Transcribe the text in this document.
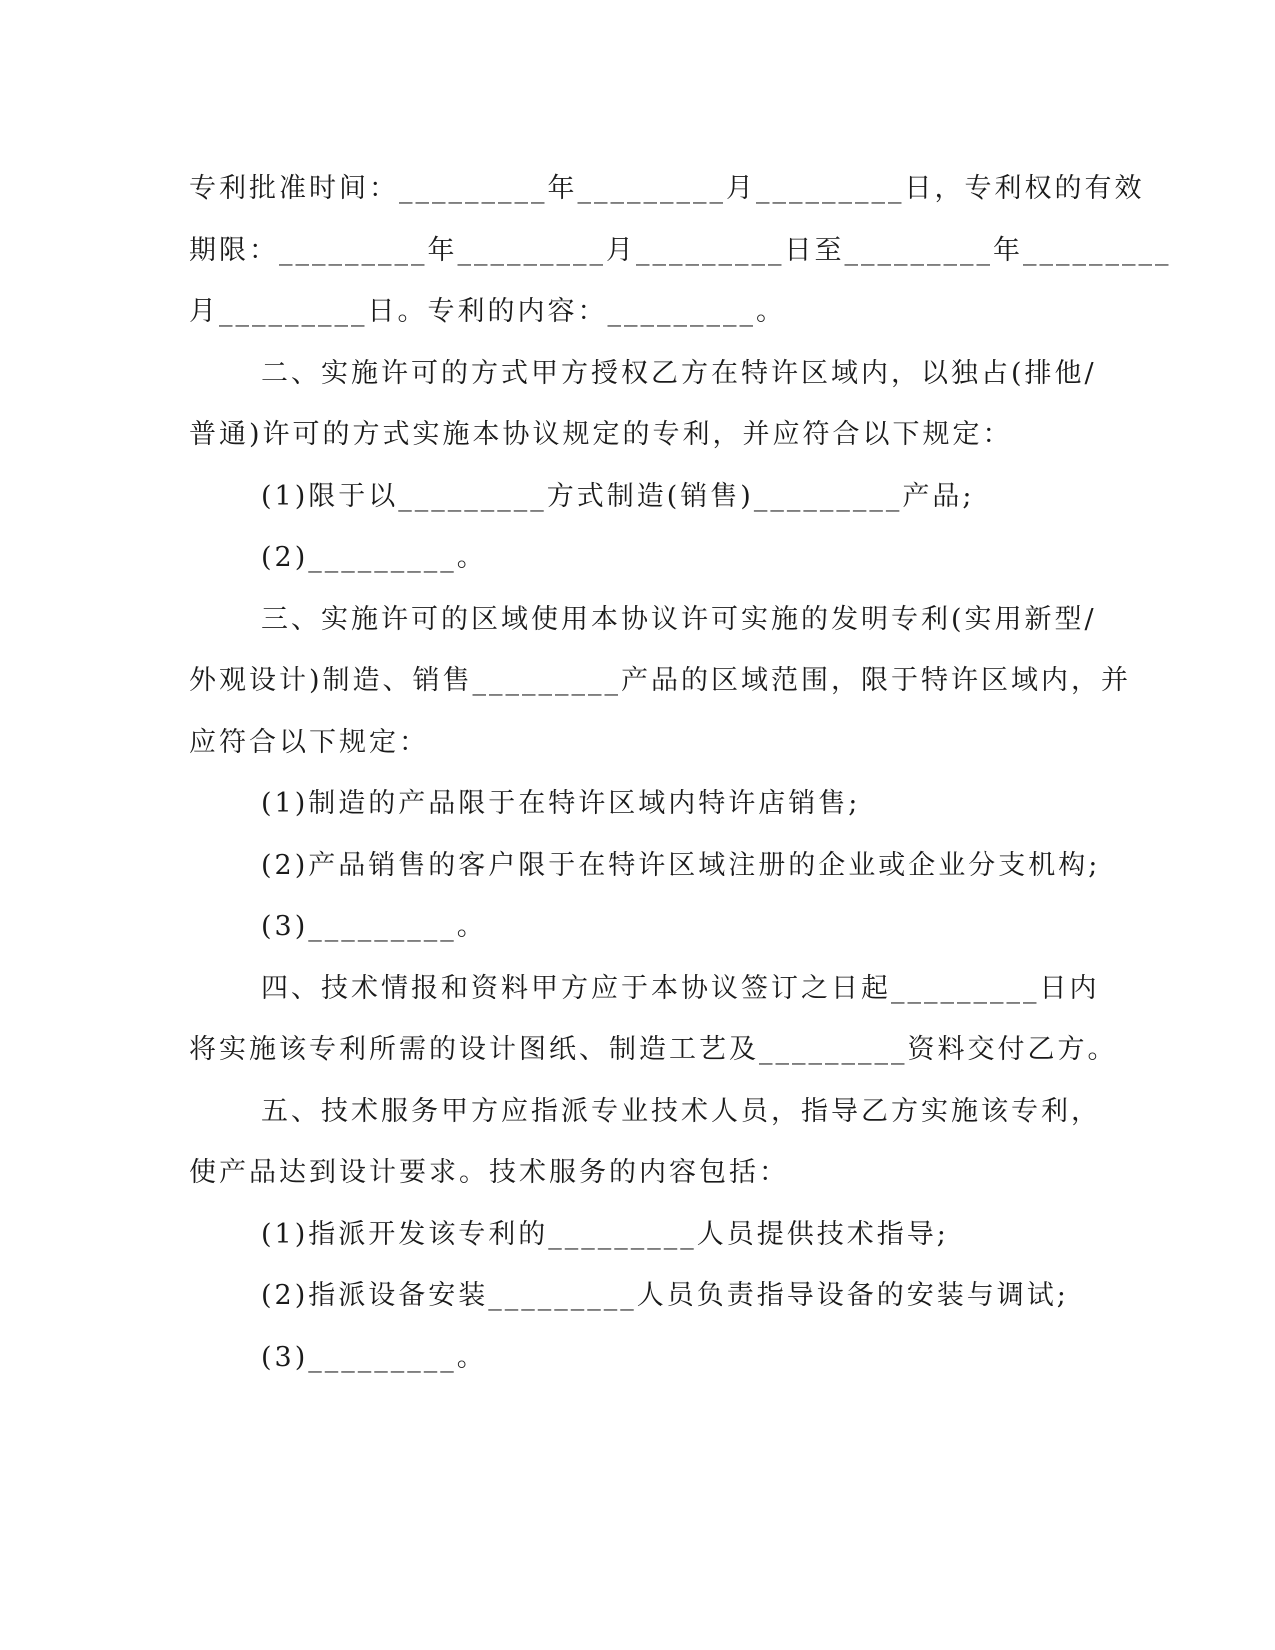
专利批准时间：_________年_________月_________日，专利权的有效
期限：_________年_________月_________日至_________年_________
月_________日。专利的内容：_________。
二、实施许可的方式甲方授权乙方在特许区域内，以独占(排他/
普通)许可的方式实施本协议规定的专利，并应符合以下规定：
(1)限于以_________方式制造(销售)_________产品;
(2)_________。
三、实施许可的区域使用本协议许可实施的发明专利(实用新型/
外观设计)制造、销售_________产品的区域范围，限于特许区域内，并
应符合以下规定：
(1)制造的产品限于在特许区域内特许店销售;
(2)产品销售的客户限于在特许区域注册的企业或企业分支机构;
(3)_________。
四、技术情报和资料甲方应于本协议签订之日起_________日内
将实施该专利所需的设计图纸、制造工艺及_________资料交付乙方。
五、技术服务甲方应指派专业技术人员，指导乙方实施该专利，
使产品达到设计要求。技术服务的内容包括：
(1)指派开发该专利的_________人员提供技术指导;
(2)指派设备安装_________人员负责指导设备的安装与调试;
(3)_________。
